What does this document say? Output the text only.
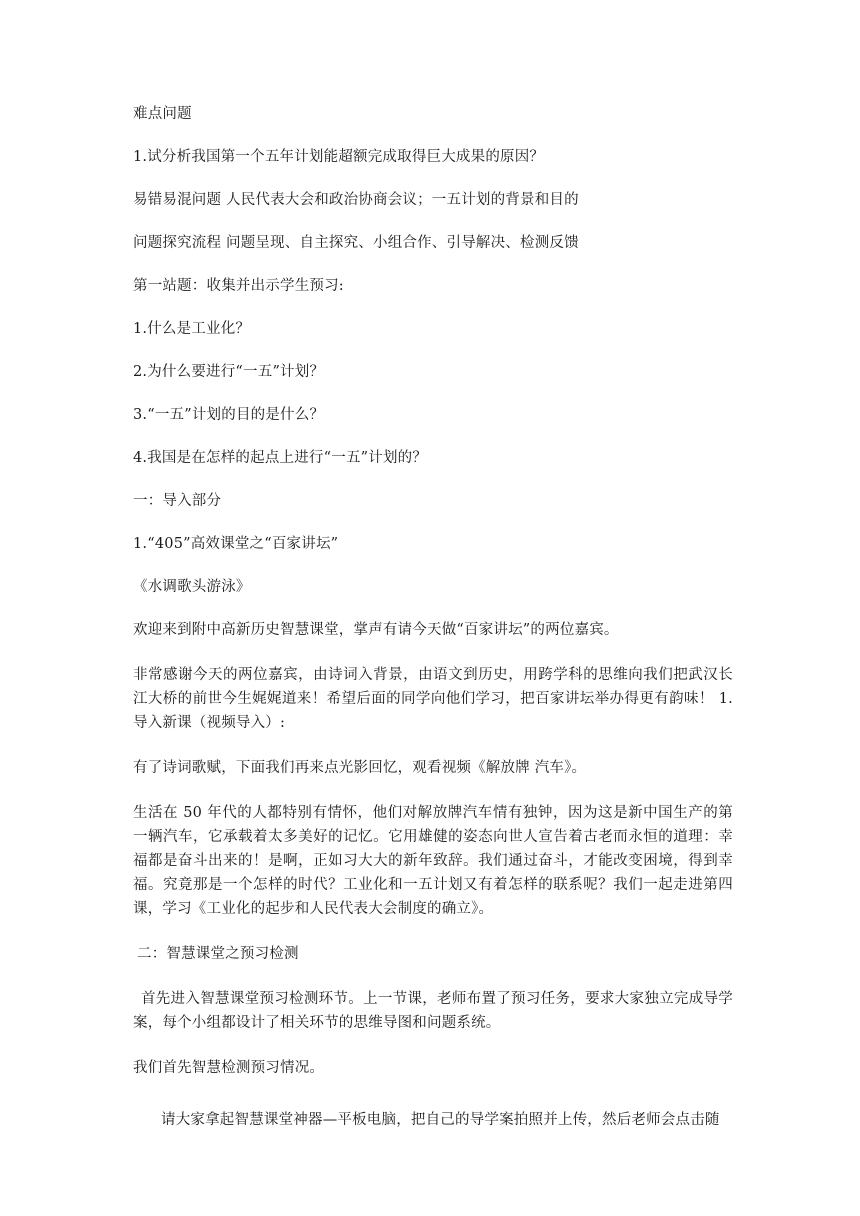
难点问题

1.试分析我国第一个五年计划能超额完成取得巨大成果的原因？

易错易混问题 人民代表大会和政治协商会议；一五计划的背景和目的

问题探究流程 问题呈现、自主探究、小组合作、引导解决、检测反馈

第一站题：收集并出示学生预习:

1.什么是工业化？

2.为什么要进行“一五”计划？

3.“一五”计划的目的是什么？

4.我国是在怎样的起点上进行“一五”计划的？

一：导入部分

1.“405”高效课堂之“百家讲坛”

《水调歌头游泳》

欢迎来到附中高新历史智慧课堂，掌声有请今天做“百家讲坛”的两位嘉宾。

非常感谢今天的两位嘉宾，由诗词入背景，由语文到历史，用跨学科的思维向我们把武汉长江大桥的前世今生娓娓道来！希望后面的同学向他们学习，把百家讲坛举办得更有韵味！ 1. 导入新课（视频导入）:

有了诗词歌赋，下面我们再来点光影回忆，观看视频《解放牌 汽车》。

生活在 50 年代的人都特别有情怀，他们对解放牌汽车情有独钟，因为这是新中国生产的第一辆汽车，它承载着太多美好的记忆。它用雄健的姿态向世人宣告着古老而永恒的道理：幸福都是奋斗出来的！是啊，正如习大大的新年致辞。我们通过奋斗，才能改变困境，得到幸福。究竟那是一个怎样的时代？工业化和一五计划又有着怎样的联系呢？我们一起走进第四课，学习《工业化的起步和人民代表大会制度的确立》。

二：智慧课堂之预习检测

首先进入智慧课堂预习检测环节。上一节课，老师布置了预习任务，要求大家独立完成导学案，每个小组都设计了相关环节的思维导图和问题系统。

我们首先智慧检测预习情况。

请大家拿起智慧课堂神器—平板电脑，把自己的导学案拍照并上传，然后老师会点击随
